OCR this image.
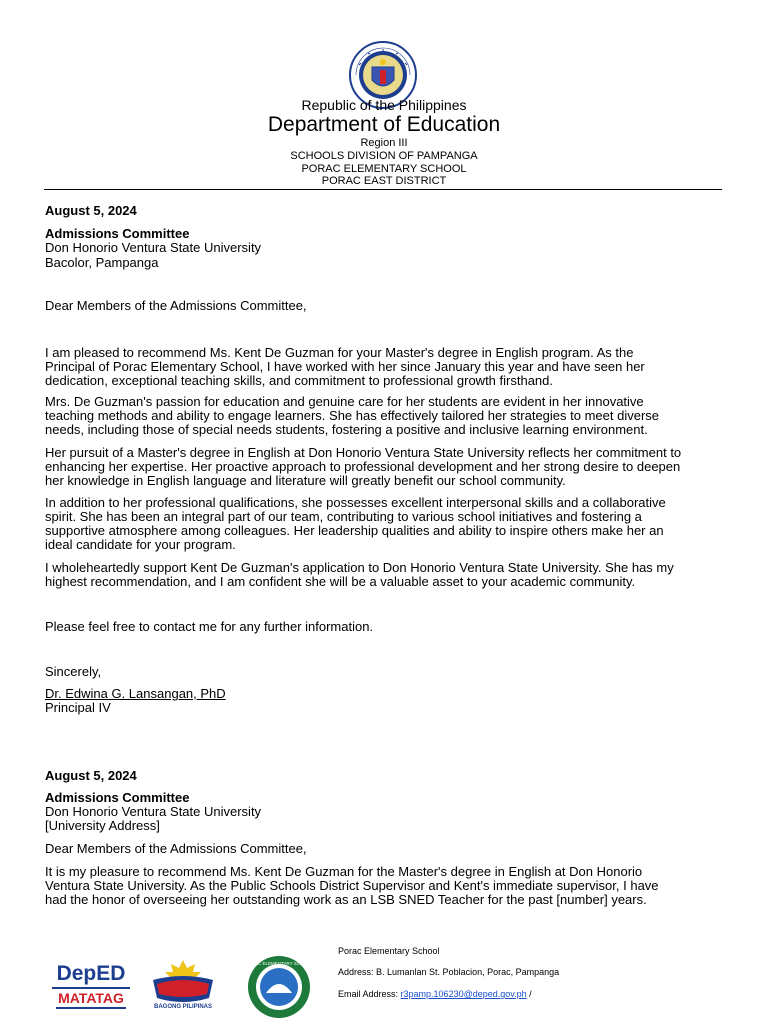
Republic of the Philippines
Department of Education
Region III
SCHOOLS DIVISION OF PAMPANGA
PORAC ELEMENTARY SCHOOL
PORAC EAST DISTRICT
August 5, 2024
Admissions Committee
Don Honorio Ventura State University
Bacolor, Pampanga
Dear Members of the Admissions Committee,
I am pleased to recommend Ms. Kent De Guzman for your Master's degree in English program. As the
Principal of Porac Elementary School, I have worked with her since January this year and have seen her
dedication, exceptional teaching skills, and commitment to professional growth firsthand.
Mrs. De Guzman's passion for education and genuine care for her students are evident in her innovative
teaching methods and ability to engage learners. She has effectively tailored her strategies to meet diverse
needs, including those of special needs students, fostering a positive and inclusive learning environment.
Her pursuit of a Master's degree in English at Don Honorio Ventura State University reflects her commitment to
enhancing her expertise. Her proactive approach to professional development and her strong desire to deepen
her knowledge in English language and literature will greatly benefit our school community.
In addition to her professional qualifications, she possesses excellent interpersonal skills and a collaborative
spirit. She has been an integral part of our team, contributing to various school initiatives and fostering a
supportive atmosphere among colleagues. Her leadership qualities and ability to inspire others make her an
ideal candidate for your program.
I wholeheartedly support Kent De Guzman's application to Don Honorio Ventura State University. She has my
highest recommendation, and I am confident she will be a valuable asset to your academic community.
Please feel free to contact me for any further information.
Sincerely,
Dr. Edwina G. Lansangan, PhD
Principal IV
August 5, 2024
Admissions Committee
Don Honorio Ventura State University
[University Address]
Dear Members of the Admissions Committee,
It is my pleasure to recommend Ms. Kent De Guzman for the Master's degree in English at Don Honorio
Ventura State University. As the Public Schools District Supervisor and Kent's immediate supervisor, I have
had the honor of overseeing her outstanding work as an LSB SNED Teacher for the past [number] years.
DepED
MATATAG
BAGONG PILIPINAS
PORAC ELEMENTARY SCHOOL
Porac Elementary School
Address: B. Lumanlan St. Poblacion, Porac, Pampanga
Email Address: r3pamp.106230@deped.gov.ph /
